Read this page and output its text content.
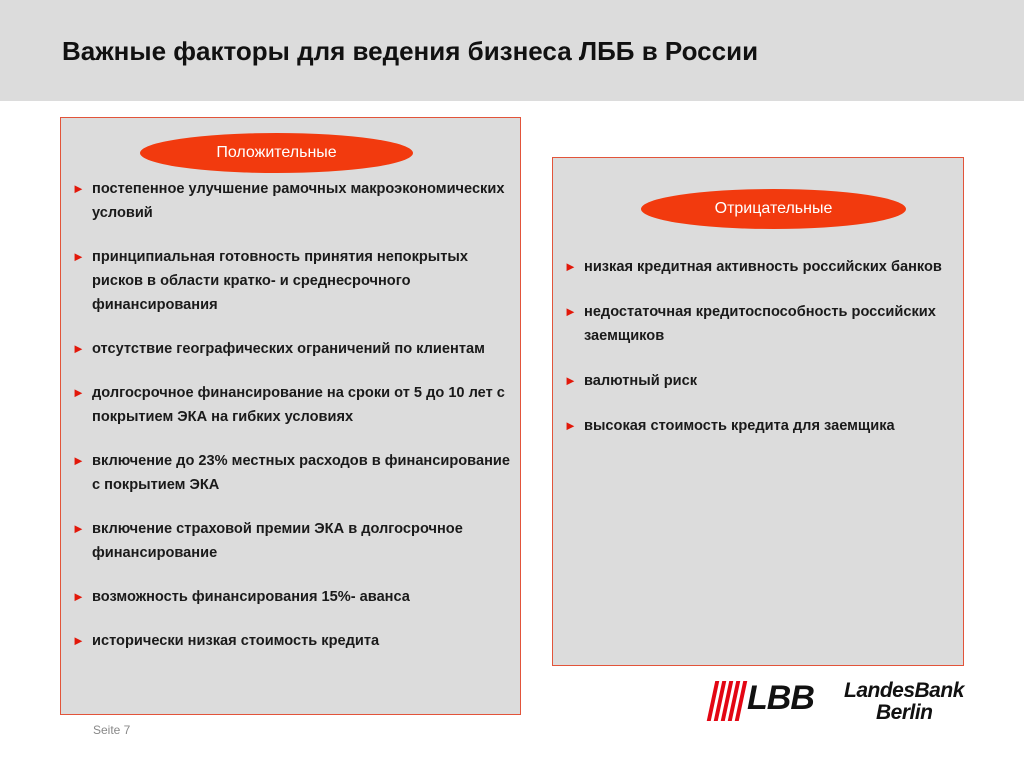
Важные факторы для ведения бизнеса ЛББ в России
Положительные
► постепенное улучшение рамочных макроэкономических условий
► принципиальная готовность принятия непокрытых рисков в области кратко- и среднесрочного финансирования
► отсутствие географических ограничений по клиентам
► долгосрочное финансирование на сроки от 5 до 10 лет с покрытием ЭКА на гибких условиях
► включение до 23% местных расходов в финансирование с покрытием ЭКА
► включение страховой премии ЭКА в долгосрочное финансирование
► возможность финансирования 15%- аванса
► исторически низкая стоимость кредита
Отрицательные
► низкая кредитная активность российских банков
► недостаточная кредитоспособность российских заемщиков
► валютный риск
► высокая стоимость кредита для заемщика
LBB LandesBank
Berlin
Seite 7
